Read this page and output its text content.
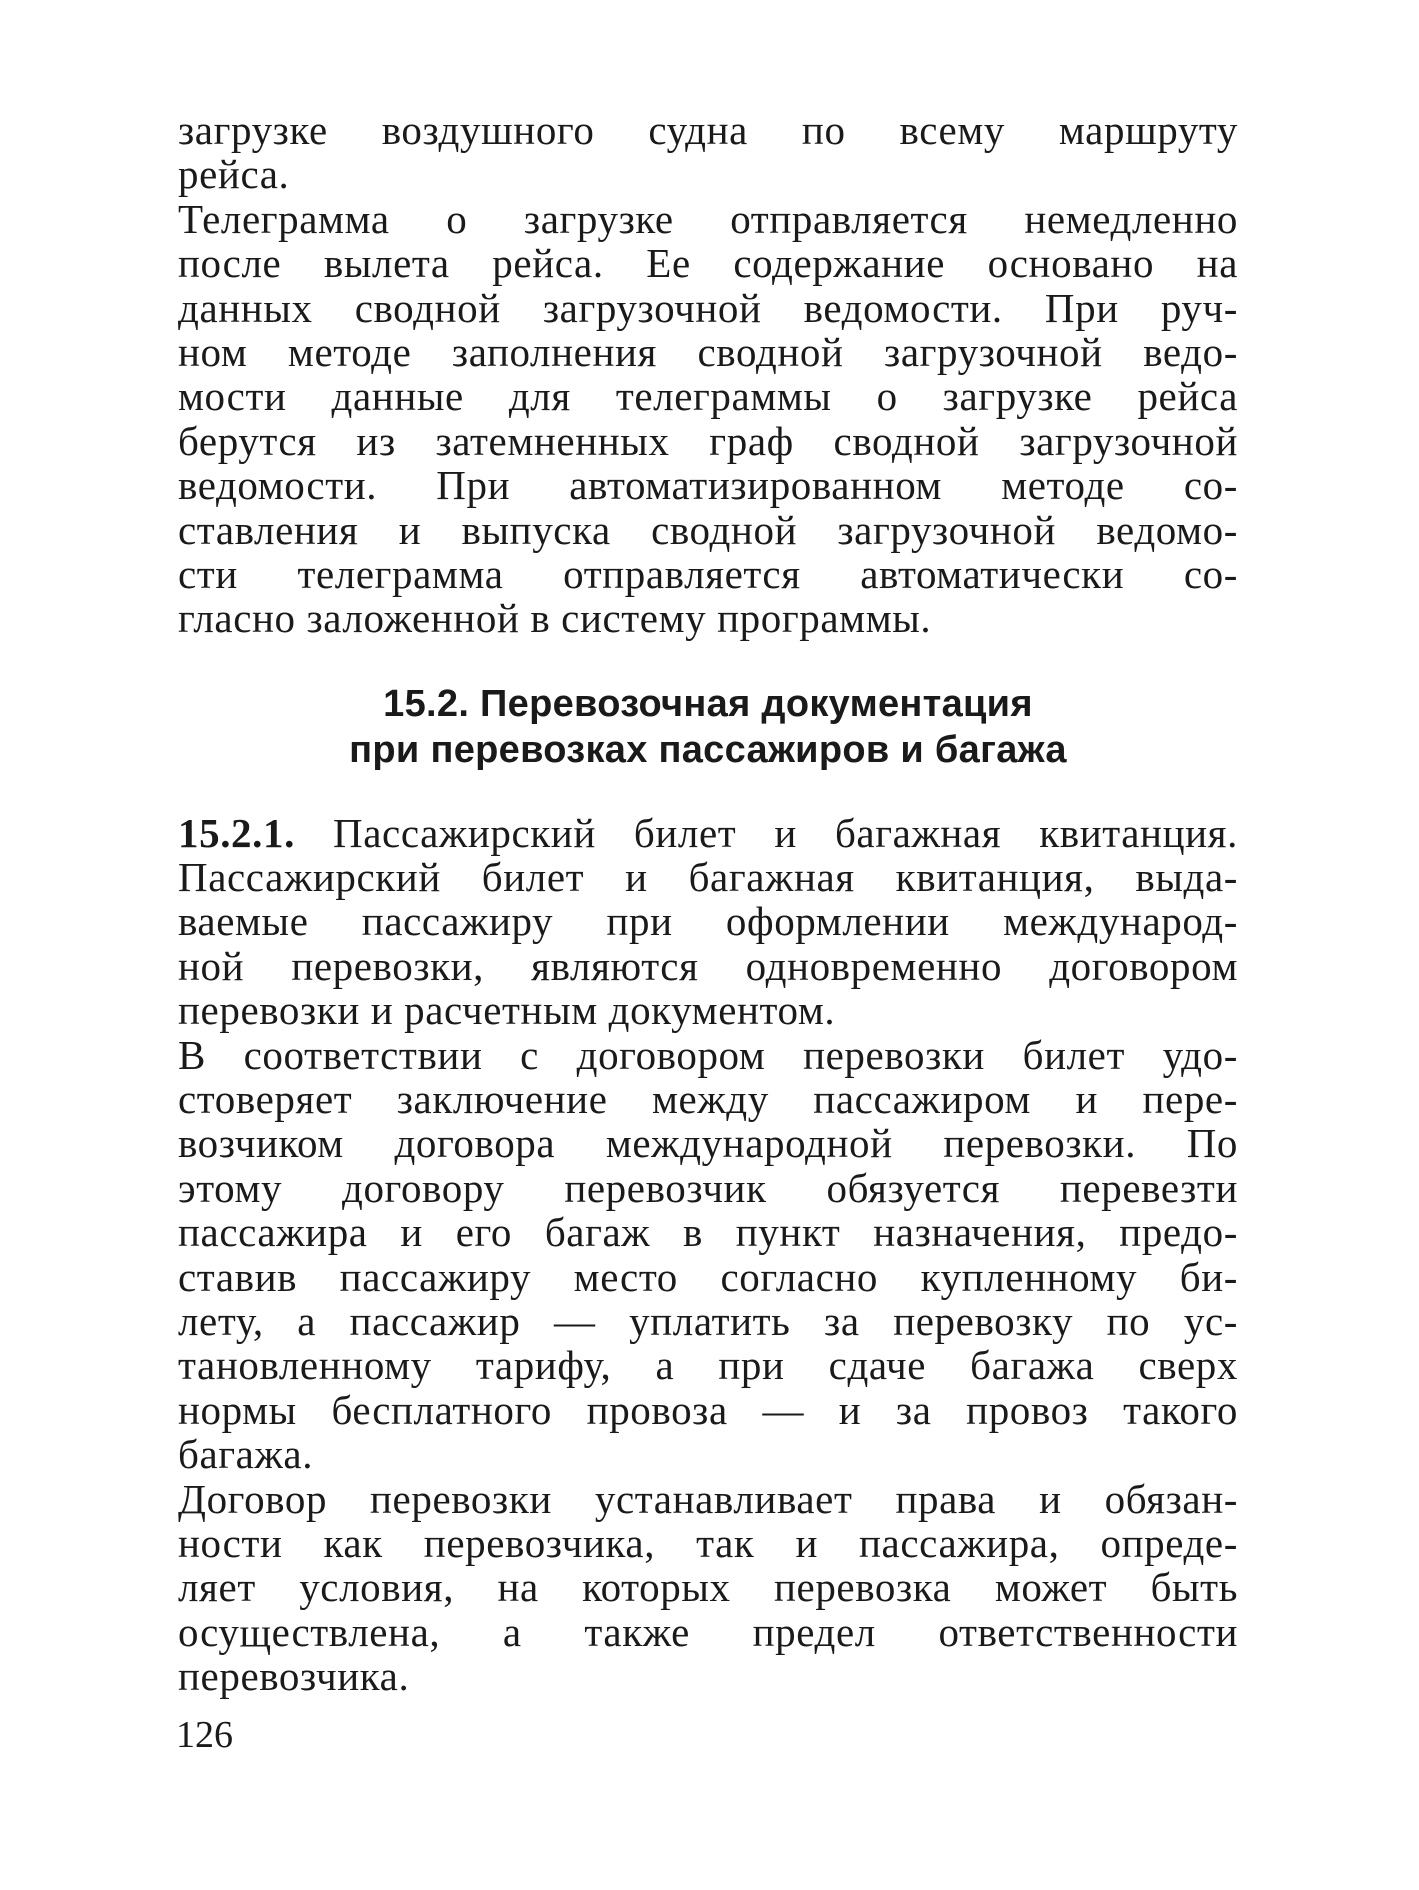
загрузке воздушного судна по всему маршруту
рейса.
Телеграмма о загрузке отправляется немедленно
после вылета рейса. Ее содержание основано на
данных сводной загрузочной ведомости. При руч-
ном методе заполнения сводной загрузочной ведо-
мости данные для телеграммы о загрузке рейса
берутся из затемненных граф сводной загрузочной
ведомости. При автоматизированном методе со-
ставления и выпуска сводной загрузочной ведомо-
сти телеграмма отправляется автоматически со-
гласно заложенной в систему программы.
15.2. Перевозочная документация
при перевозках пассажиров и багажа
15.2.1. Пассажирский билет и багажная квитанция.
Пассажирский билет и багажная квитанция, выда-
ваемые пассажиру при оформлении международ-
ной перевозки, являются одновременно договором
перевозки и расчетным документом.
В соответствии с договором перевозки билет удо-
стоверяет заключение между пассажиром и пере-
возчиком договора международной перевозки. По
этому договору перевозчик обязуется перевезти
пассажира и его багаж в пункт назначения, предо-
ставив пассажиру место согласно купленному би-
лету, а пассажир — уплатить за перевозку по ус-
тановленному тарифу, а при сдаче багажа сверх
нормы бесплатного провоза — и за провоз такого
багажа.
Договор перевозки устанавливает права и обязан-
ности как перевозчика, так и пассажира, опреде-
ляет условия, на которых перевозка может быть
осуществлена, а также предел ответственности
перевозчика.
126
